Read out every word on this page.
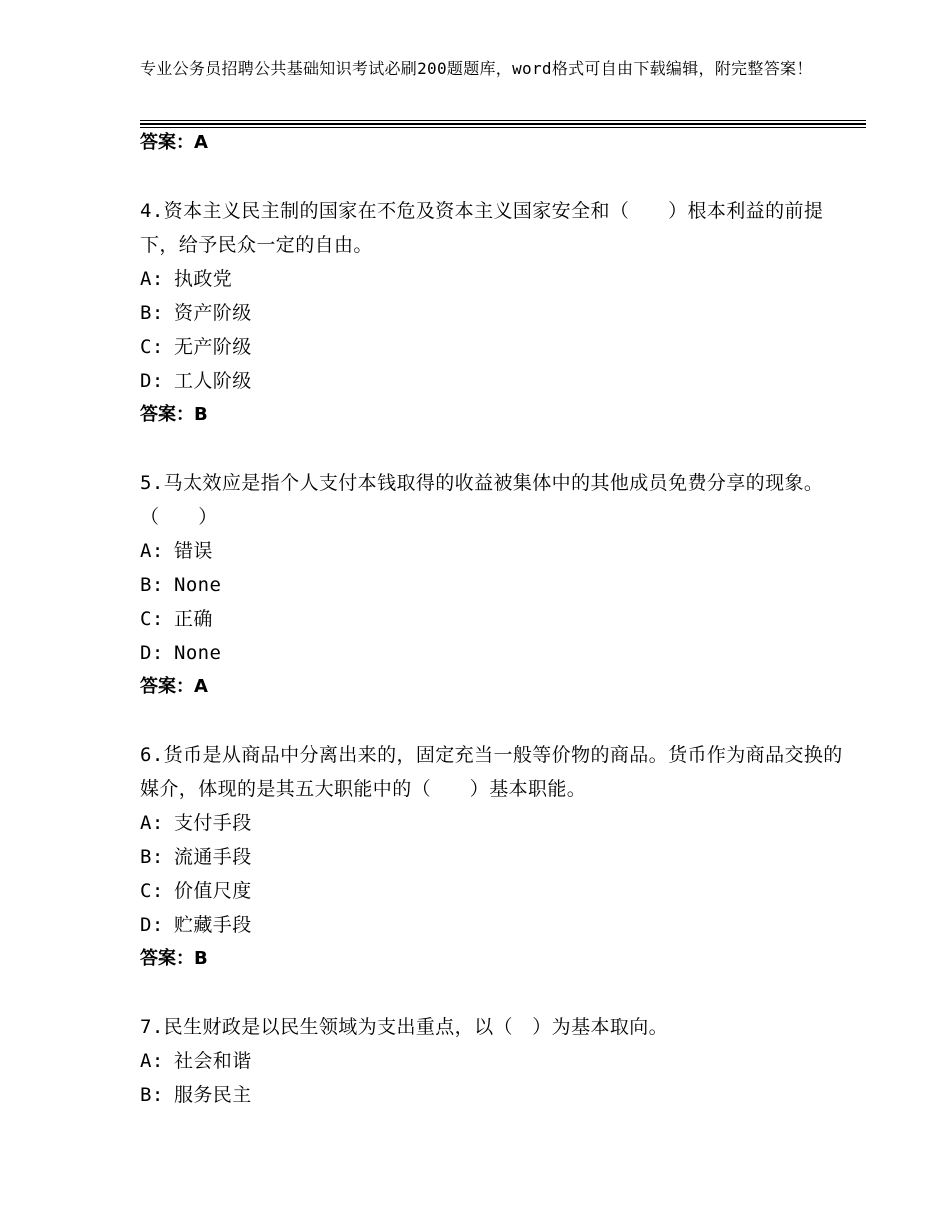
专业公务员招聘公共基础知识考试必刷200题题库，word格式可自由下载编辑，附完整答案！
答案：A
4.资本主义民主制的国家在不危及资本主义国家安全和（　　）根本利益的前提下，给予民众一定的自由。
A: 执政党
B: 资产阶级
C: 无产阶级
D: 工人阶级
答案：B
5.马太效应是指个人支付本钱取得的收益被集体中的其他成员免费分享的现象。（　　）
A: 错误
B: None
C: 正确
D: None
答案：A
6.货币是从商品中分离出来的，固定充当一般等价物的商品。货币作为商品交换的媒介，体现的是其五大职能中的（　　）基本职能。
A: 支付手段
B: 流通手段
C: 价值尺度
D: 贮藏手段
答案：B
7.民生财政是以民生领域为支出重点，以（　）为基本取向。
A: 社会和谐
B: 服务民主
